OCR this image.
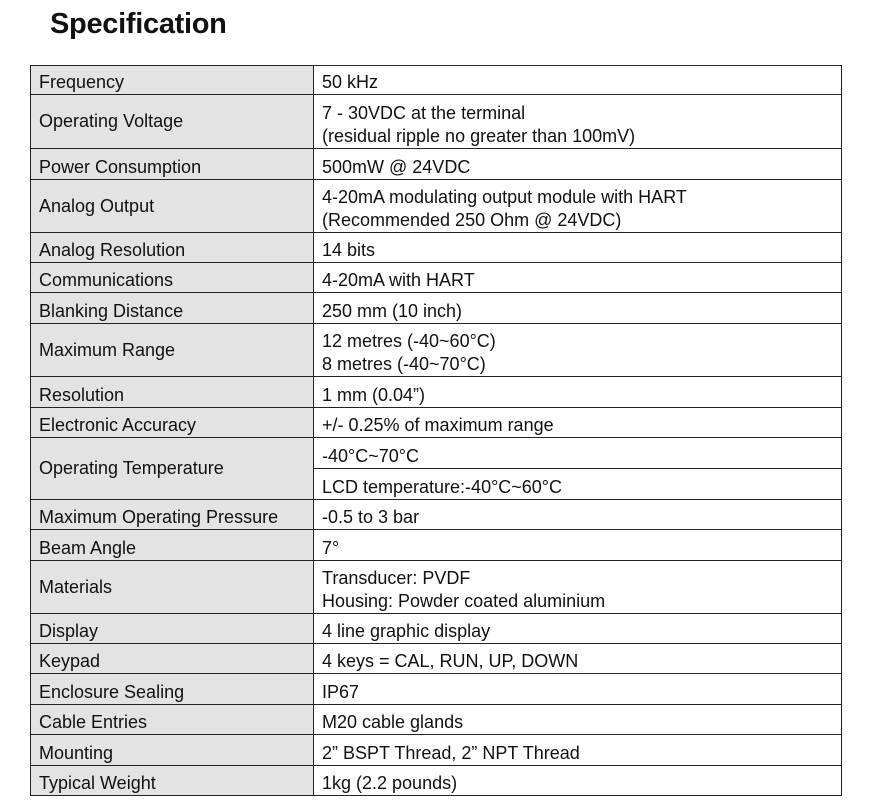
Specification
Frequency	50 kHz
Operating Voltage	7 - 30VDC at the terminal
(residual ripple no greater than 100mV)

Power Consumption	500mW @ 24VDC
Analog Output	4-20mA modulating output module with HART
(Recommended 250 Ohm @ 24VDC)

Analog Resolution	14 bits
Communications	4-20mA with HART
Blanking Distance	250 mm (10 inch)
Maximum Range	12 metres (-40~60°C)
8 metres (-40~70°C)

Resolution	1 mm (0.04”)
Electronic Accuracy	+/- 0.25% of maximum range
Operating Temperature	-40°C~70°C
	LCD temperature:-40°C~60°C
Maximum Operating Pressure	-0.5 to 3 bar
Beam Angle	7°
Materials	Transducer: PVDF
Housing: Powder coated aluminium

Display	4 line graphic display
Keypad	4 keys = CAL, RUN, UP, DOWN
Enclosure Sealing	IP67
Cable Entries	M20 cable glands
Mounting	2” BSPT Thread, 2” NPT Thread
Typical Weight	1kg (2.2 pounds)
